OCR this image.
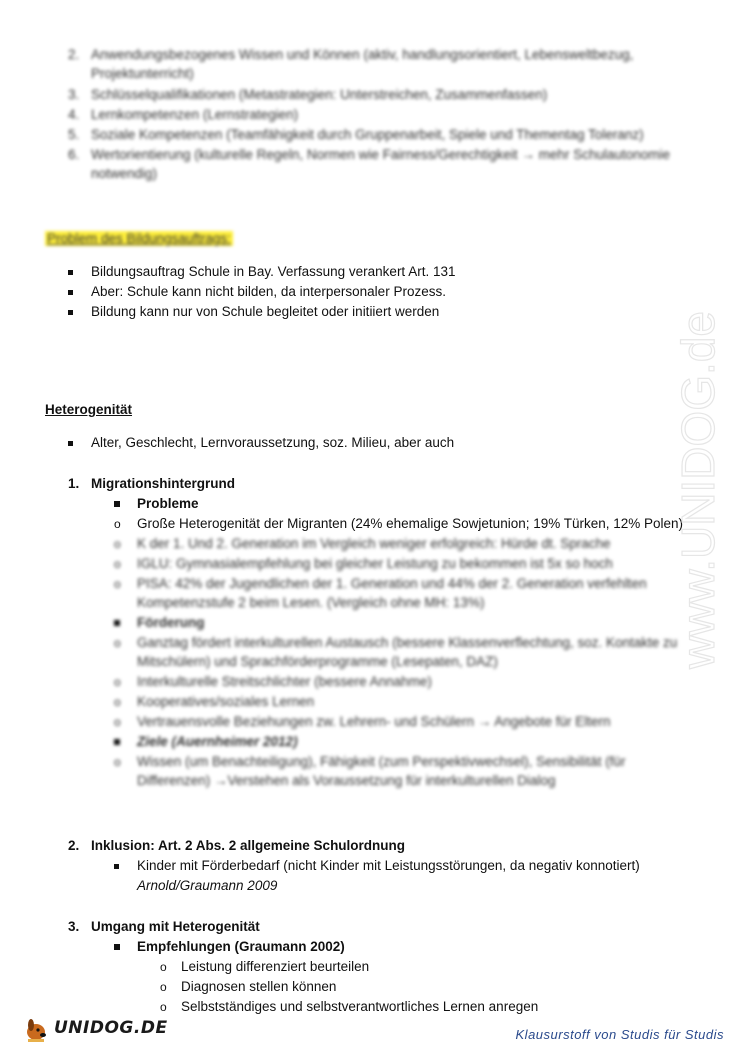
2. Anwendungsbezogenes Wissen und Können (aktiv, handlungsorientiert, Lebensweltbezug,
Projektunterricht)
3. Schlüsselqualifikationen (Metastrategien: Unterstreichen, Zusammenfassen)
4. Lernkompetenzen (Lernstrategien)
5. Soziale Kompetenzen (Teamfähigkeit durch Gruppenarbeit, Spiele und Thementag Toleranz)
6. Wertorientierung (kulturelle Regeln, Normen wie Fairness/Gerechtigkeit → mehr Schulautonomie
notwendig)
Problem des Bildungsauftrags:
Bildungsauftrag Schule in Bay. Verfassung verankert Art. 131
Aber: Schule kann nicht bilden, da interpersonaler Prozess.
Bildung kann nur von Schule begleitet oder initiiert werden
Heterogenität
Alter, Geschlecht, Lernvoraussetzung, soz. Milieu, aber auch
1. Migrationshintergrund
Probleme
o Große Heterogenität der Migranten (24% ehemalige Sowjetunion; 19% Türken, 12% Polen)
o K der 1. Und 2. Generation im Vergleich weniger erfolgreich: Hürde dt. Sprache
o IGLU: Gymnasialempfehlung bei gleicher Leistung zu bekommen ist 5x so hoch
o PISA: 42% der Jugendlichen der 1. Generation und 44% der 2. Generation verfehlten
Kompetenzstufe 2 beim Lesen. (Vergleich ohne MH: 13%)
Förderung
o Ganztag fördert interkulturellen Austausch (bessere Klassenverflechtung, soz. Kontakte zu
Mitschülern) und Sprachförderprogramme (Lesepaten, DAZ)
o Interkulturelle Streitschlichter (bessere Annahme)
o Kooperatives/soziales Lernen
o Vertrauensvolle Beziehungen zw. Lehrern- und Schülern → Angebote für Eltern
Ziele (Auernheimer 2012)
o Wissen (um Benachteiligung), Fähigkeit (zum Perspektivwechsel), Sensibilität (für
Differenzen) →Verstehen als Voraussetzung für interkulturellen Dialog
2. Inklusion: Art. 2 Abs. 2 allgemeine Schulordnung
Kinder mit Förderbedarf (nicht Kinder mit Leistungsstörungen, da negativ konnotiert)
Arnold/Graumann 2009
3. Umgang mit Heterogenität
Empfehlungen (Graumann 2002)
o Leistung differenziert beurteilen
o Diagnosen stellen können
o Selbstständiges und selbstverantwortliches Lernen anregen
www.UNIDOG.de
UNIDOG.DE	Klausurstoff von Studis für Studis
